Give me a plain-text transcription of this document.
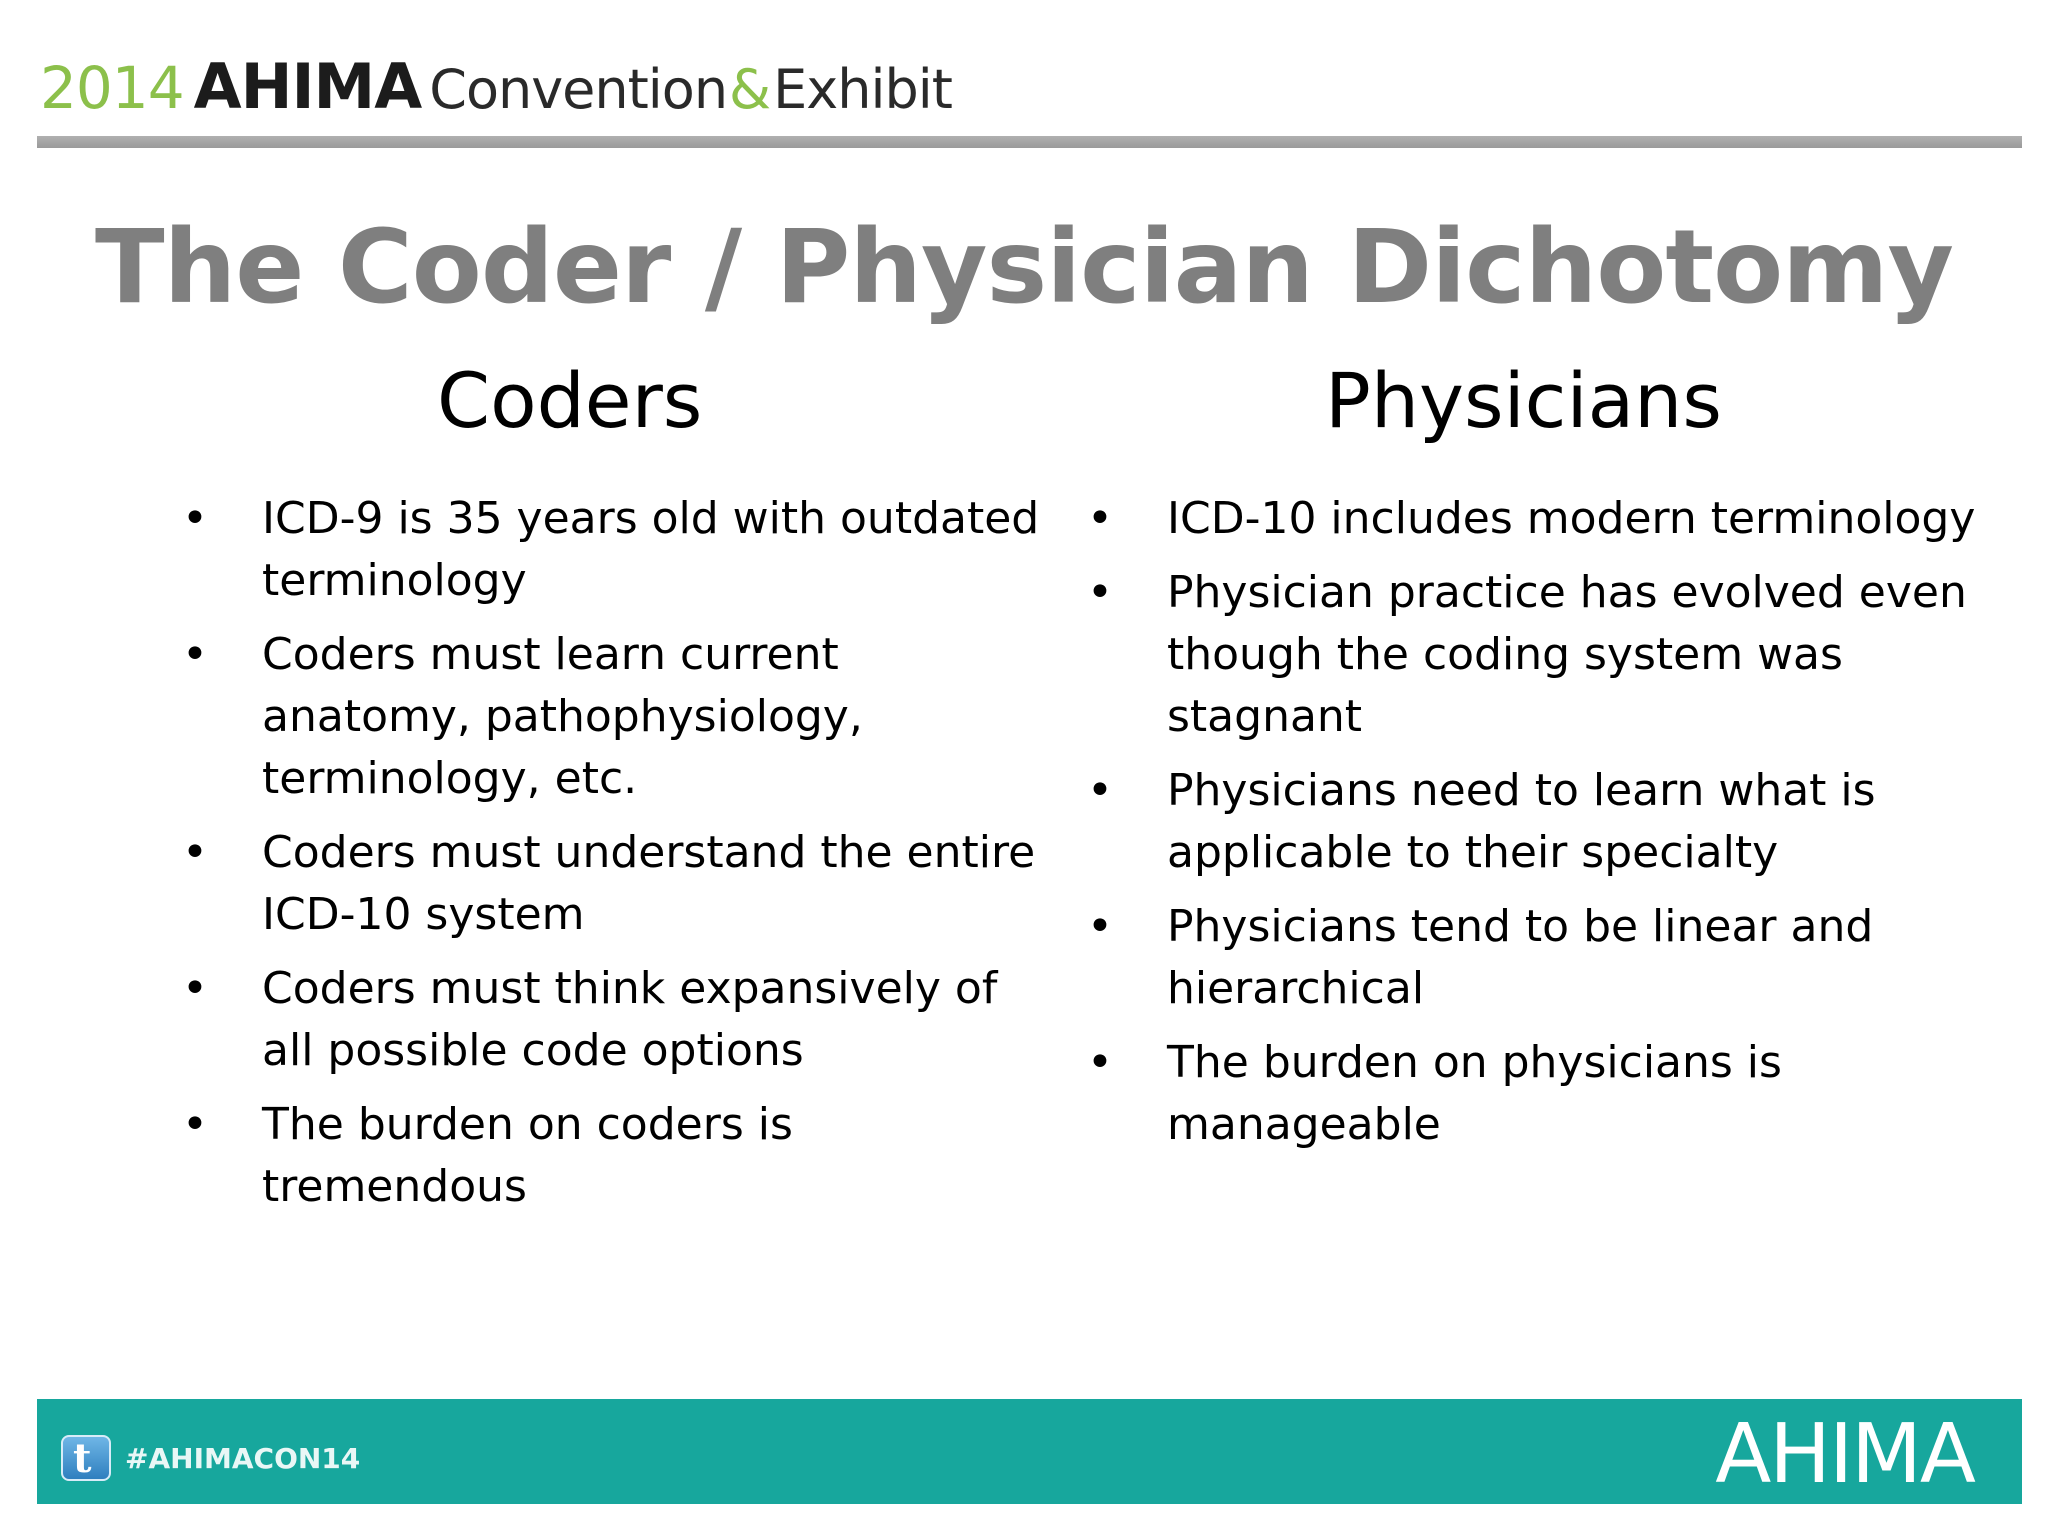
2014 AHIMA Convention & Exhibit
The Coder / Physician Dichotomy
Coders	Physicians
• ICD-9 is 35 years old with outdated terminology
• Coders must learn current anatomy, pathophysiology, terminology, etc.
• Coders must understand the entire ICD-10 system
• Coders must think expansively of all possible code options
• The burden on coders is tremendous
• ICD-10 includes modern terminology
• Physician practice has evolved even though the coding system was stagnant
• Physicians need to learn what is applicable to their specialty
• Physicians tend to be linear and hierarchical
• The burden on physicians is manageable
t #AHIMACON14	AHIMA
